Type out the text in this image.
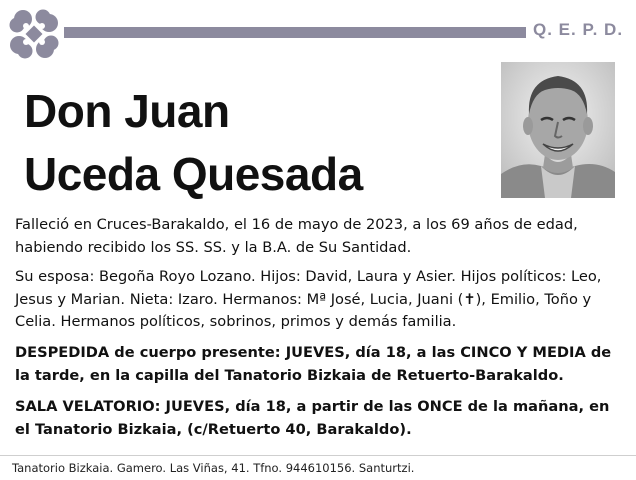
Q. E. P. D.
Don Juan
Uceda Quesada
Falleció en Cruces-Barakaldo, el 16 de mayo de 2023, a los 69 años de edad, habiendo recibido los SS. SS. y la B.A. de Su Santidad.
Su esposa: Begoña Royo Lozano. Hijos: David, Laura y Asier. Hijos políticos: Leo, Jesus y Marian. Nieta: Izaro. Hermanos: Mª José, Lucia, Juani (✝), Emilio, Toño y Celia. Hermanos políticos, sobrinos, primos y demás familia.
DESPEDIDA de cuerpo presente: JUEVES, día 18, a las CINCO Y MEDIA de la tarde, en la capilla del Tanatorio Bizkaia de Retuerto-Barakaldo.
SALA VELATORIO: JUEVES, día 18, a partir de las ONCE de la mañana, en el Tanatorio Bizkaia, (c/Retuerto 40, Barakaldo).
Tanatorio Bizkaia. Gamero. Las Viñas, 41. Tfno. 944610156. Santurtzi.
